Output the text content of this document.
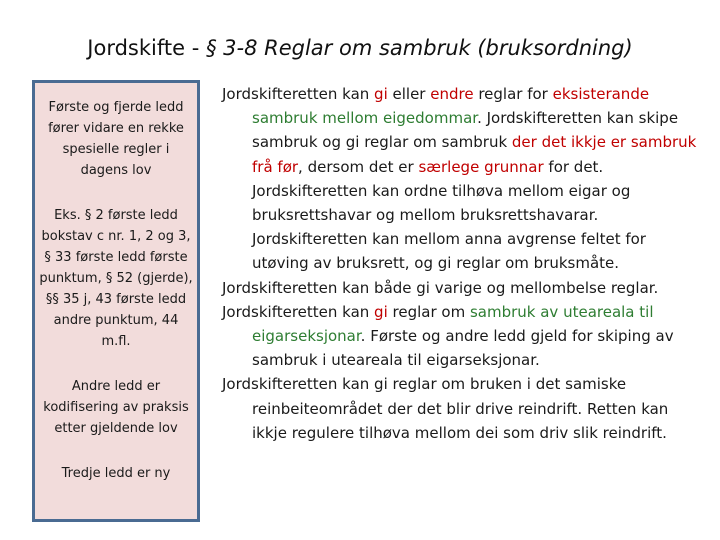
Jordskifte - § 3-8 Reglar om sambruk (bruksordning)

Første og fjerde ledd fører vidare en rekke spesielle regler i dagens lov

Eks. § 2 første ledd bokstav c nr. 1, 2 og 3, § 33 første ledd første punktum, § 52 (gjerde), §§ 35 j, 43 første ledd andre punktum, 44 m.fl.

Andre ledd er kodifisering av praksis etter gjeldende lov

Tredje ledd er ny

Jordskifteretten kan gi eller endre reglar for eksisterande sambruk mellom eigedommar. Jordskifteretten kan skipe sambruk og gi reglar om sambruk der det ikkje er sambruk frå før, dersom det er særlege grunnar for det. Jordskifteretten kan ordne tilhøva mellom eigar og bruksrettshavar og mellom bruksrettshavarar. Jordskifteretten kan mellom anna avgrense feltet for utøving av bruksrett, og gi reglar om bruksmåte.

Jordskifteretten kan både gi varige og mellombelse reglar.

Jordskifteretten kan gi reglar om sambruk av uteareala til eigarseksjonar. Første og andre ledd gjeld for skiping av sambruk i uteareala til eigarseksjonar.

Jordskifteretten kan gi reglar om bruken i det samiske reinbeiteområdet der det blir drive reindrift. Retten kan ikkje regulere tilhøva mellom dei som driv slik reindrift.
